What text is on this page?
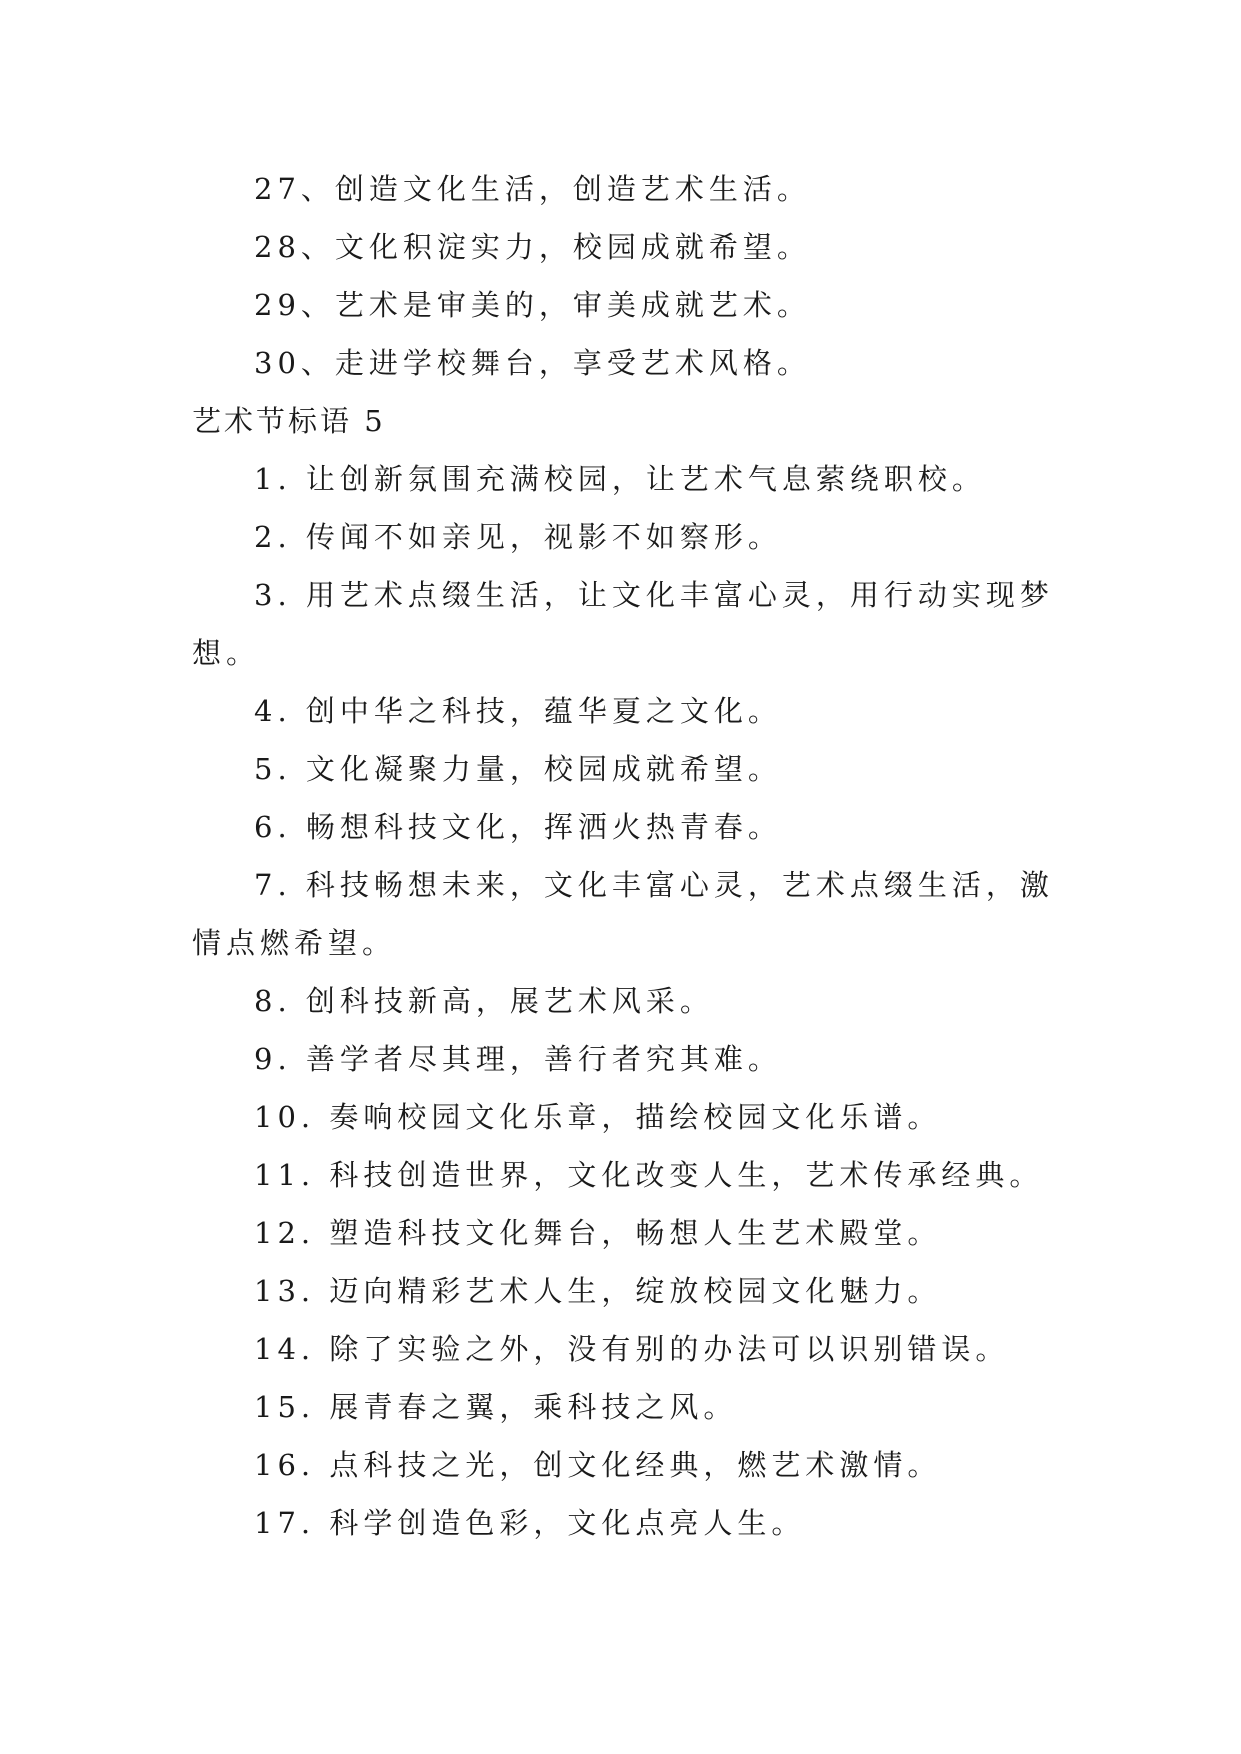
27、创造文化生活，创造艺术生活。
28、文化积淀实力，校园成就希望。
29、艺术是审美的，审美成就艺术。
30、走进学校舞台，享受艺术风格。
艺术节标语 5
1. 让创新氛围充满校园，让艺术气息萦绕职校。
2. 传闻不如亲见，视影不如察形。
3. 用艺术点缀生活，让文化丰富心灵，用行动实现梦
想。
4. 创中华之科技，蕴华夏之文化。
5. 文化凝聚力量，校园成就希望。
6. 畅想科技文化，挥洒火热青春。
7. 科技畅想未来，文化丰富心灵，艺术点缀生活，激
情点燃希望。
8. 创科技新高，展艺术风采。
9. 善学者尽其理，善行者究其难。
10. 奏响校园文化乐章，描绘校园文化乐谱。
11. 科技创造世界，文化改变人生，艺术传承经典。
12. 塑造科技文化舞台，畅想人生艺术殿堂。
13. 迈向精彩艺术人生，绽放校园文化魅力。
14. 除了实验之外，没有别的办法可以识别错误。
15. 展青春之翼，乘科技之风。
16. 点科技之光，创文化经典，燃艺术激情。
17. 科学创造色彩，文化点亮人生。
